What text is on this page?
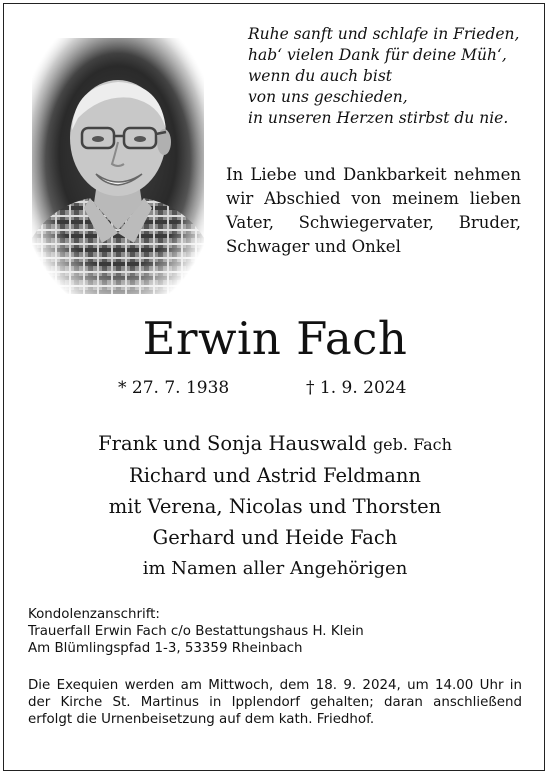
Ruhe sanft und schlafe in Frieden,
hab‘ vielen Dank für deine Müh‘,
wenn du auch bist
von uns geschieden,
in unseren Herzen stirbst du nie.
In Liebe und Dankbarkeit nehmen
wir Abschied von meinem lieben
Vater, Schwiegervater, Bruder,
Schwager und Onkel
Erwin Fach
* 27. 7. 1938	† 1. 9. 2024
Frank und Sonja Hauswald geb. Fach
Richard und Astrid Feldmann
mit Verena, Nicolas und Thorsten
Gerhard und Heide Fach
im Namen aller Angehörigen
Kondolenzanschrift:
Trauerfall Erwin Fach c/o Bestattungshaus H. Klein
Am Blümlingspfad 1-3, 53359 Rheinbach
Die Exequien werden am Mittwoch, dem 18. 9. 2024, um 14.00 Uhr in der Kirche St. Martinus in Ipplendorf gehalten; daran anschließend erfolgt die Urnenbeisetzung auf dem kath. Friedhof.
